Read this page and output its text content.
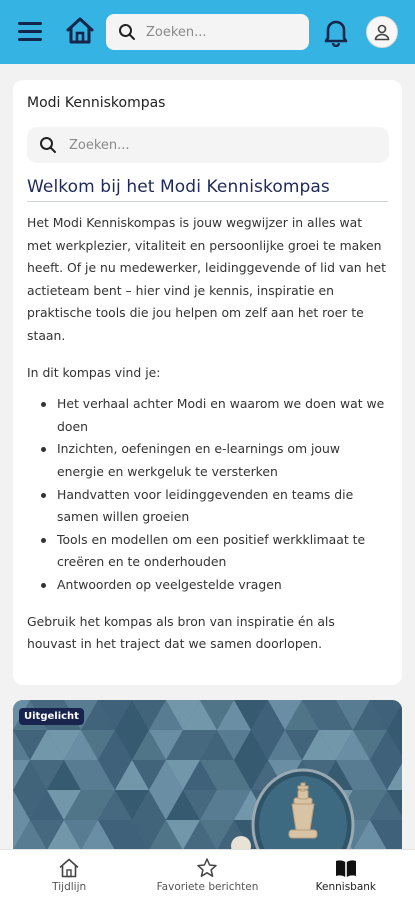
Zoeken...
Modi Kenniskompas
Zoeken...
Welkom bij het Modi Kenniskompas

Het Modi Kenniskompas is jouw wegwijzer in alles wat met werkplezier, vitaliteit en persoonlijke groei te maken heeft. Of je nu medewerker, leidinggevende of lid van het actieteam bent – hier vind je kennis, inspiratie en praktische tools die jou helpen om zelf aan het roer te staan.

In dit kompas vind je:

Het verhaal achter Modi en waarom we doen wat we doen
Inzichten, oefeningen en e-learnings om jouw energie en werkgeluk te versterken
Handvatten voor leidinggevenden en teams die samen willen groeien
Tools en modellen om een positief werkklimaat te creëren en te onderhouden
Antwoorden op veelgestelde vragen

Gebruik het kompas als bron van inspiratie én als houvast in het traject dat we samen doorlopen.

Uitgelicht
Tijdlijn	Favoriete berichten	Kennisbank
